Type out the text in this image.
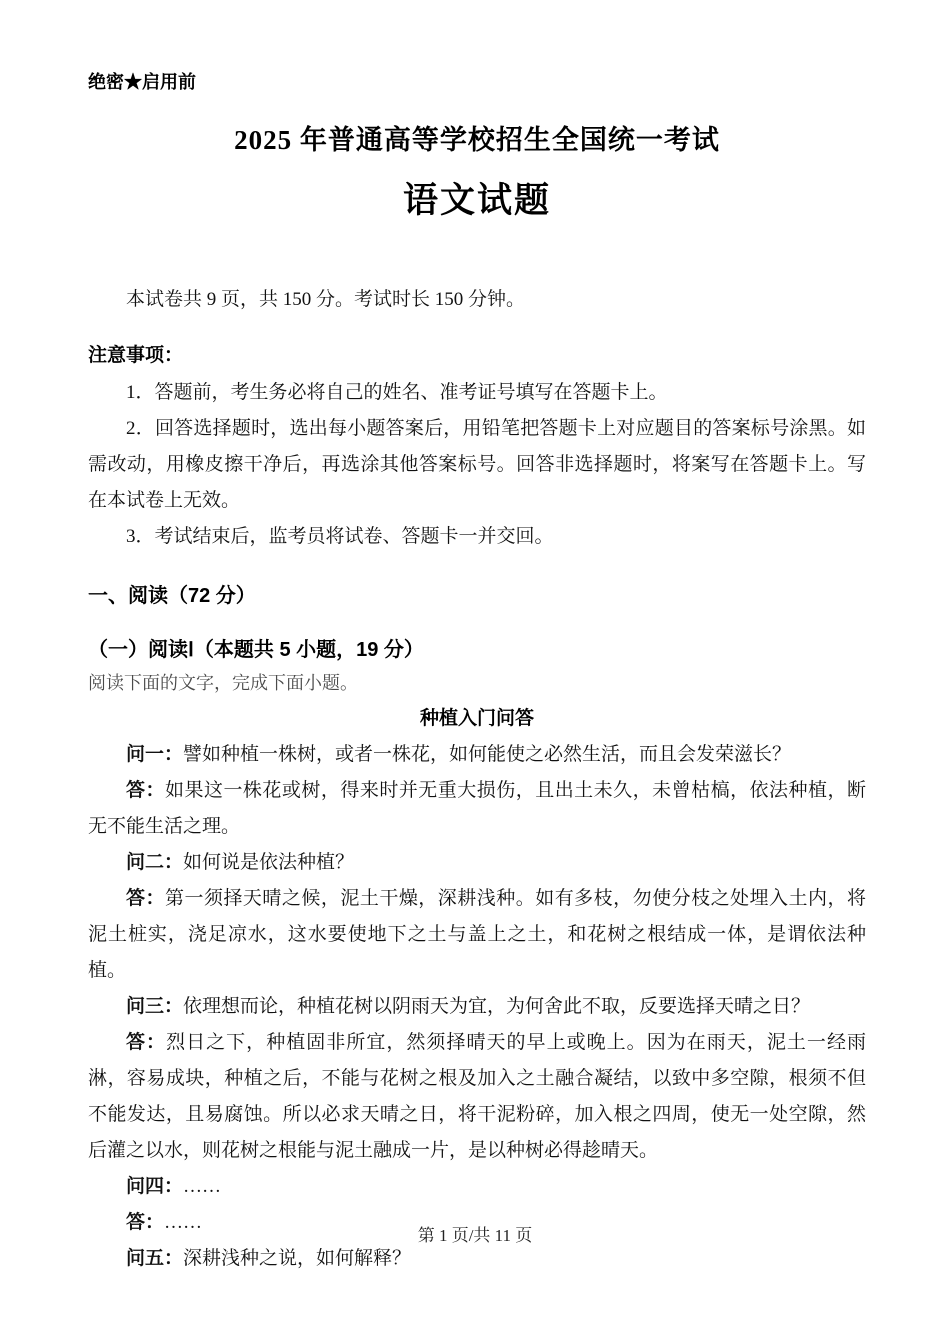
绝密★启用前
2025 年普通高等学校招生全国统一考试
语文试题

本试卷共 9 页，共 150 分。考试时长 150 分钟。

注意事项：

1．答题前，考生务必将自己的姓名、准考证号填写在答题卡上。

2．回答选择题时，选出每小题答案后，用铅笔把答题卡上对应题目的答案标号涂黑。如需改动，用橡皮擦干净后，再选涂其他答案标号。回答非选择题时，将案写在答题卡上。写在本试卷上无效。

3．考试结束后，监考员将试卷、答题卡一并交回。

一、阅读（72 分）
（一）阅读Ⅰ（本题共 5 小题，19 分）

阅读下面的文字，完成下面小题。

种植入门问答

问一：譬如种植一株树，或者一株花，如何能使之必然生活，而且会发荣滋长？

答：如果这一株花或树，得来时并无重大损伤，且出土未久，未曾枯槁，依法种植，断无不能生活之理。

问二：如何说是依法种植？

答：第一须择天晴之候，泥土干燥，深耕浅种。如有多枝，勿使分枝之处埋入土内，将泥土桩实，浇足凉水，这水要使地下之土与盖上之土，和花树之根结成一体，是谓依法种植。

问三：依理想而论，种植花树以阴雨天为宜，为何舍此不取，反要选择天晴之日？

答：烈日之下，种植固非所宜，然须择晴天的早上或晚上。因为在雨天，泥土一经雨淋，容易成块，种植之后，不能与花树之根及加入之土融合凝结，以致中多空隙，根须不但不能发达，且易腐蚀。所以必求天晴之日，将干泥粉碎，加入根之四周，使无一处空隙，然后灌之以水，则花树之根能与泥土融成一片，是以种树必得趁晴天。

问四：……

答：……

问五：深耕浅种之说，如何解释？

第 1 页/共 11 页
